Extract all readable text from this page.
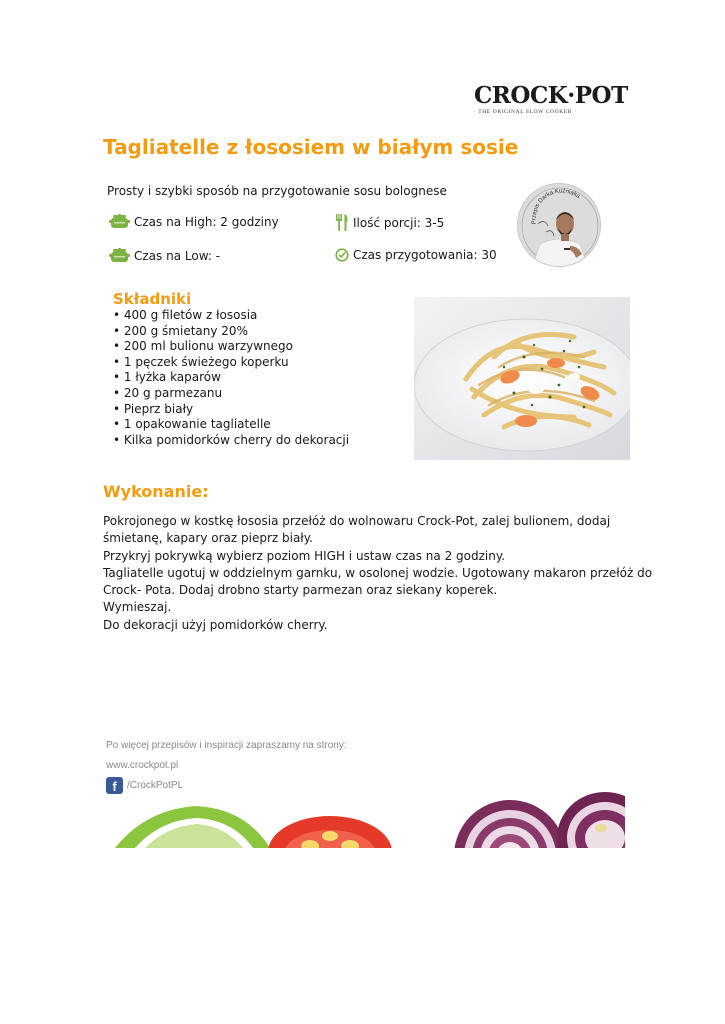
CROCK·POT
· THE ORIGINAL SLOW COOKER ·
Tagliatelle z łososiem w białym sosie
Prosty i szybki sposób na przygotowanie sosu bolognese
Czas na High: 2 godziny	Ilość porcji: 3-5
Czas na Low: -	Czas przygotowania: 30
Przepis Darka Kuźniaka
Składniki
• 400 g filetów z łososia
• 200 g śmietany 20%
• 200 ml bulionu warzywnego
• 1 pęczek świeżego koperku
• 1 łyżka kaparów
• 20 g parmezanu
• Pieprz biały
• 1 opakowanie tagliatelle
• Kilka pomidorków cherry do dekoracji
Wykonanie:

Pokrojonego w kostkę łososia przełóż do wolnowaru Crock-Pot, zalej bulionem, dodaj

śmietanę, kapary oraz pieprz biały.

Przykryj pokrywką wybierz poziom HIGH i ustaw czas na 2 godziny.

Tagliatelle ugotuj w oddzielnym garnku, w osolonej wodzie. Ugotowany makaron przełóż do

Crock- Pota. Dodaj drobno starty parmezan oraz siekany koperek.

Wymieszaj.

Do dekoracji użyj pomidorków cherry.

Po więcej przepisów i inspiracji zapraszamy na strony:
www.crockpot.pl
f	/CrockPotPL
